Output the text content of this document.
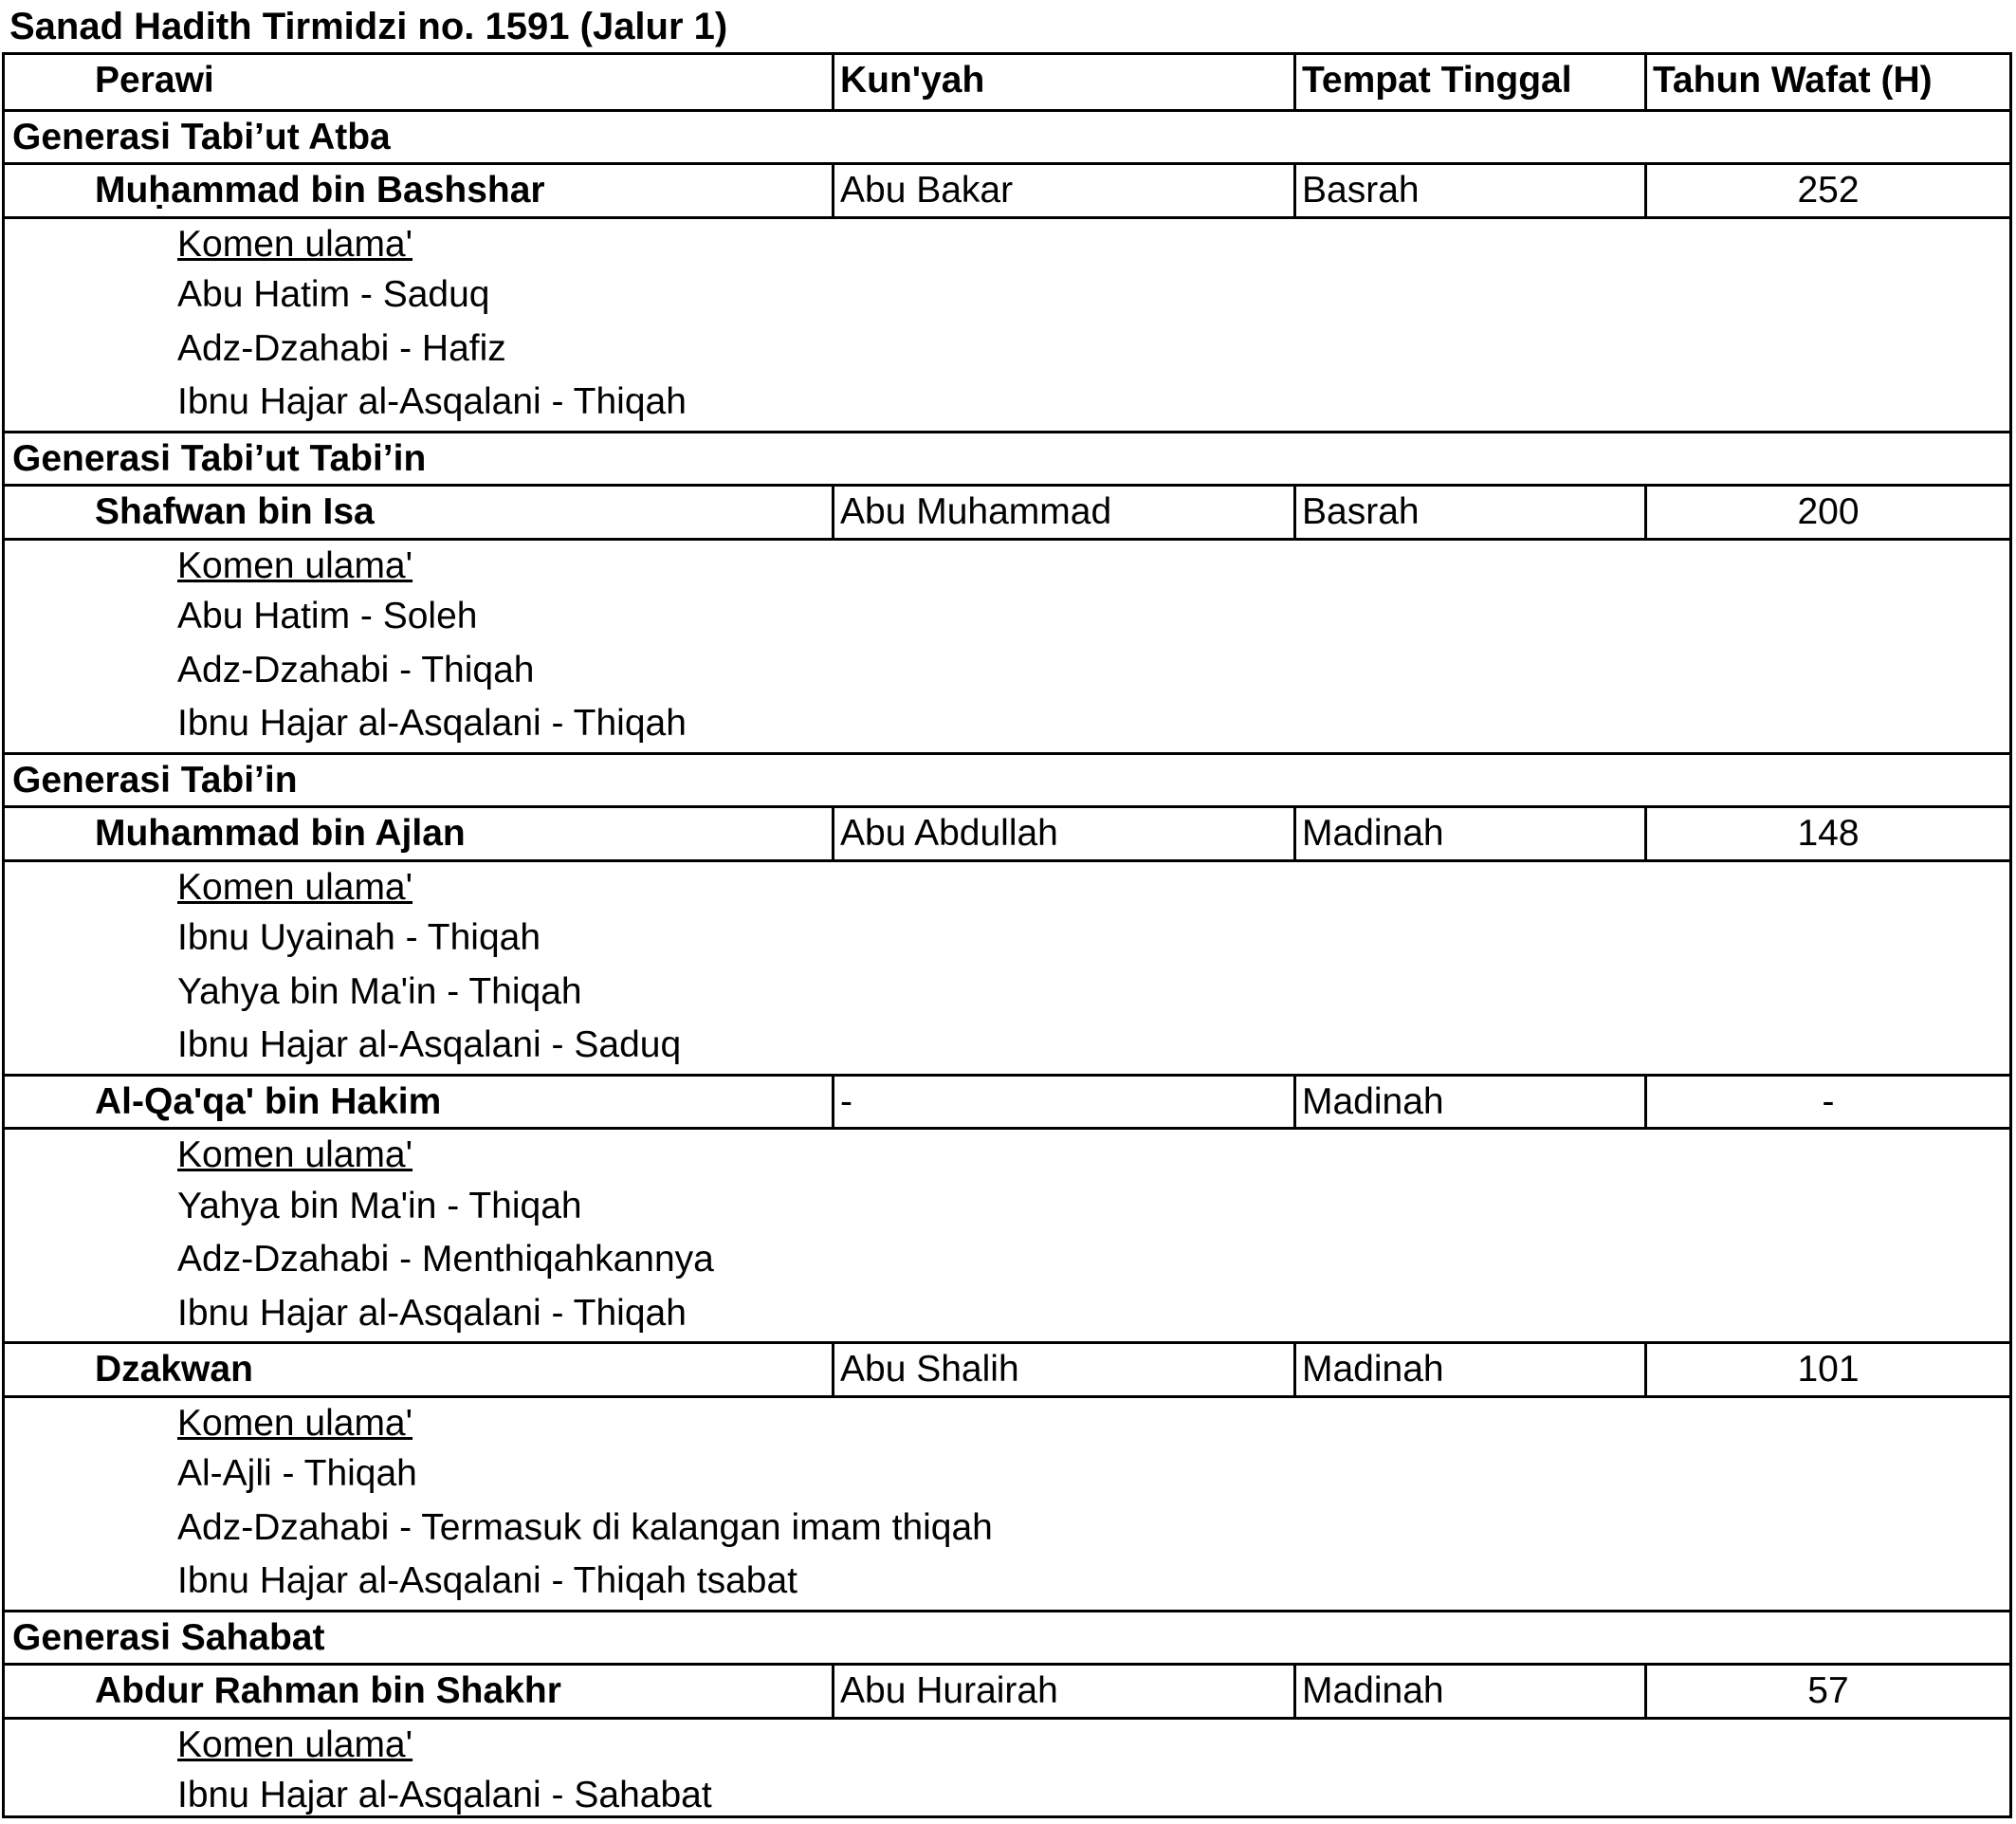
Sanad Hadith Tirmidzi no. 1591 (Jalur 1)
Perawi	Kun'yah	Tempat Tinggal	Tahun Wafat (H)
Generasi Tabi’ut Atba
Muḥammad bin Bashshar	Abu Bakar	Basrah	252
Komen ulama'
Abu Hatim - Saduq
Adz-Dzahabi - Hafiz
Ibnu Hajar al-Asqalani - Thiqah
Generasi Tabi’ut Tabi’in
Shafwan bin Isa	Abu Muhammad	Basrah	200
Komen ulama'
Abu Hatim - Soleh
Adz-Dzahabi - Thiqah
Ibnu Hajar al-Asqalani - Thiqah
Generasi Tabi’in
Muhammad bin Ajlan	Abu Abdullah	Madinah	148
Komen ulama'
Ibnu Uyainah - Thiqah
Yahya bin Ma'in - Thiqah
Ibnu Hajar al-Asqalani - Saduq
Al-Qa'qa' bin Hakim	-	Madinah	-
Komen ulama'
Yahya bin Ma'in - Thiqah
Adz-Dzahabi - Menthiqahkannya
Ibnu Hajar al-Asqalani - Thiqah
Dzakwan	Abu Shalih	Madinah	101
Komen ulama'
Al-Ajli - Thiqah
Adz-Dzahabi - Termasuk di kalangan imam thiqah
Ibnu Hajar al-Asqalani - Thiqah tsabat
Generasi Sahabat
Abdur Rahman bin Shakhr	Abu Hurairah	Madinah	57
Komen ulama'
Ibnu Hajar al-Asqalani - Sahabat
